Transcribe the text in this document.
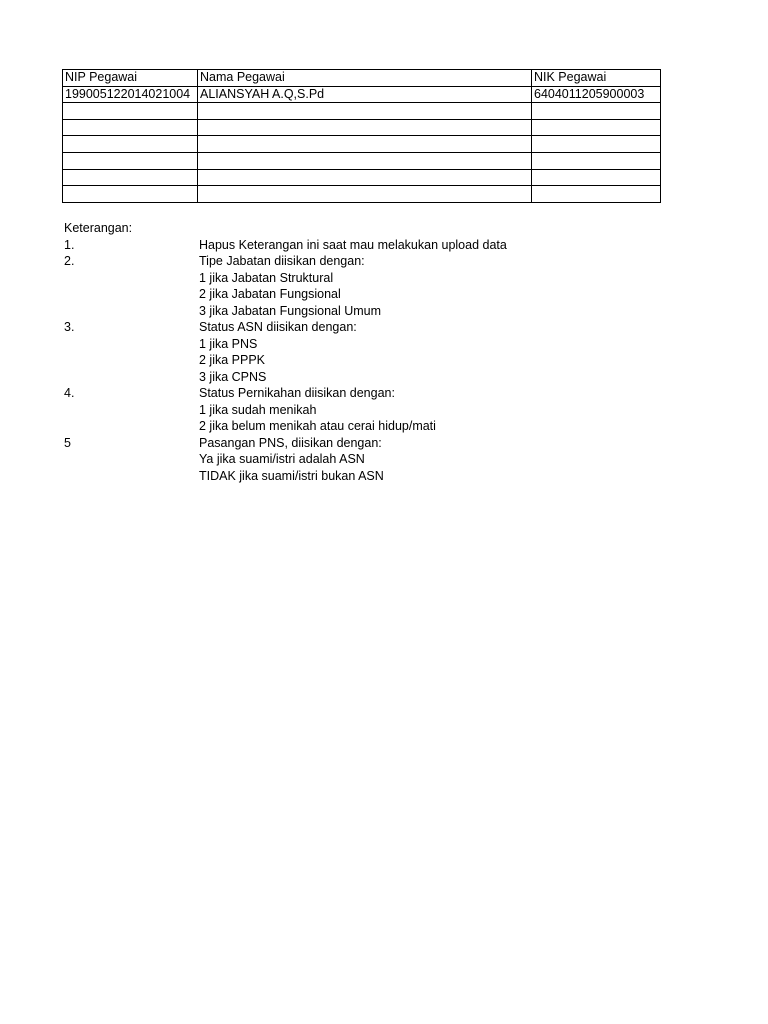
NIP Pegawai	Nama Pegawai	NIK Pegawai
199005122014021004	ALIANSYAH A.Q,S.Pd	6404011205900003

Keterangan:
1.	Hapus Keterangan ini saat mau melakukan upload data
2.	Tipe Jabatan diisikan dengan:
1 jika Jabatan Struktural
2 jika Jabatan Fungsional
3 jika Jabatan Fungsional Umum
3.	Status ASN diisikan dengan:
1 jika PNS
2 jika PPPK
3 jika CPNS
4.	Status Pernikahan diisikan dengan:
1 jika sudah menikah
2 jika belum menikah atau cerai hidup/mati
5	Pasangan PNS, diisikan dengan:
Ya jika suami/istri adalah ASN
TIDAK jika suami/istri bukan ASN
